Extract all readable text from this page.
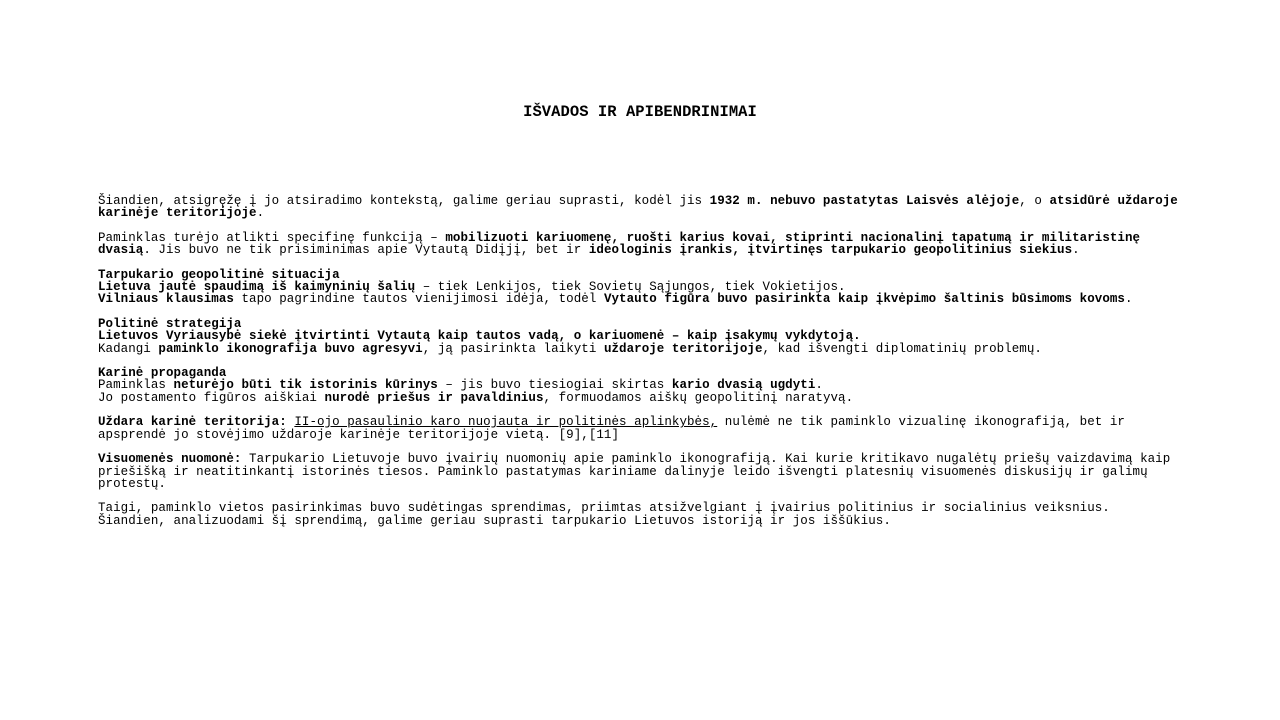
IŠVADOS IR APIBENDRINIMAI

Šiandien, atsigręžę į jo atsiradimo kontekstą, galime geriau suprasti, kodėl jis 1932 m. nebuvo pastatytas Laisvės alėjoje, o atsidūrė uždaroje karinėje teritorijoje.

Paminklas turėjo atlikti specifinę funkciją – mobilizuoti kariuomenę, ruošti karius kovai, stiprinti nacionalinį tapatumą ir militaristinę dvasią. Jis buvo ne tik prisiminimas apie Vytautą Didįjį, bet ir ideologinis įrankis, įtvirtinęs tarpukario geopolitinius siekius.

Tarpukario geopolitinė situacija
Lietuva jautė spaudimą iš kaimyninių šalių – tiek Lenkijos, tiek Sovietų Sąjungos, tiek Vokietijos.
Vilniaus klausimas tapo pagrindine tautos vienijimosi idėja, todėl Vytauto figūra buvo pasirinkta kaip įkvėpimo šaltinis būsimoms kovoms.

Politinė strategija
Lietuvos Vyriausybė siekė įtvirtinti Vytautą kaip tautos vadą, o kariuomenė – kaip įsakymų vykdytoją.
Kadangi paminklo ikonografija buvo agresyvi, ją pasirinkta laikyti uždaroje teritorijoje, kad išvengti diplomatinių problemų.

Karinė propaganda
Paminklas neturėjo būti tik istorinis kūrinys – jis buvo tiesiogiai skirtas kario dvasią ugdyti.
Jo postamento figūros aiškiai nurodė priešus ir pavaldinius, formuodamos aiškų geopolitinį naratyvą.

Uždara karinė teritorija: II-ojo pasaulinio karo nuojauta ir politinės aplinkybės, nulėmė ne tik paminklo vizualinę ikonografiją, bet ir apsprendė jo stovėjimo uždaroje karinėje teritorijoje vietą. [9],[11]

Visuomenės nuomonė: Tarpukario Lietuvoje buvo įvairių nuomonių apie paminklo ikonografiją. Kai kurie kritikavo nugalėtų priešų vaizdavimą kaip priešišką ir neatitinkantį istorinės tiesos. Paminklo pastatymas kariniame dalinyje leido išvengti platesnių visuomenės diskusijų ir galimų protestų.

Taigi, paminklo vietos pasirinkimas buvo sudėtingas sprendimas, priimtas atsižvelgiant į įvairius politinius ir socialinius veiksnius. Šiandien, analizuodami šį sprendimą, galime geriau suprasti tarpukario Lietuvos istoriją ir jos iššūkius.
